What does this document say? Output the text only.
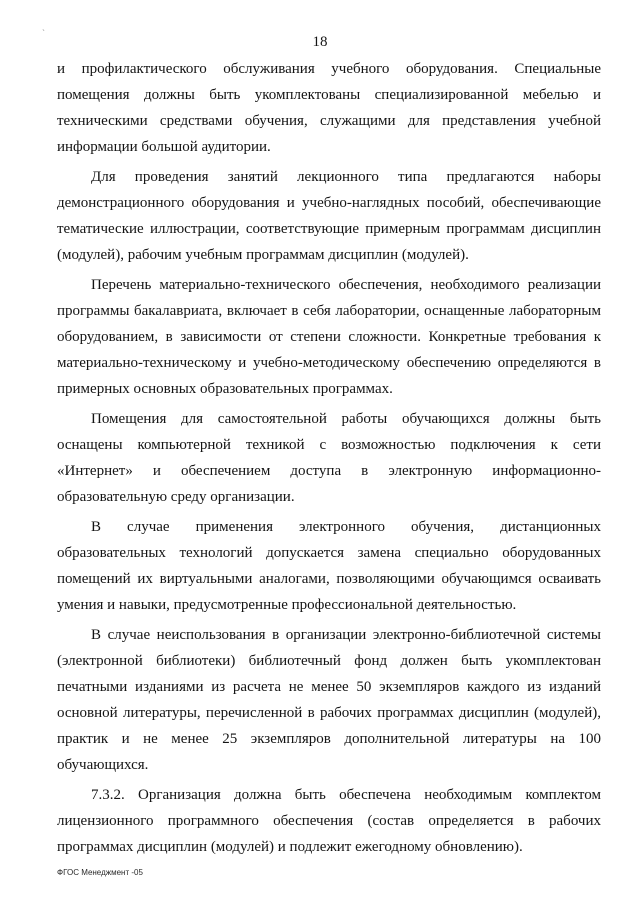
ˋ
18

и профилактического обслуживания учебного оборудования. Специальные помещения должны быть укомплектованы специализированной мебелью и техническими средствами обучения, служащими для представления учебной информации большой аудитории.

Для проведения занятий лекционного типа предлагаются наборы демонстрационного оборудования и учебно-наглядных пособий, обеспечивающие тематические иллюстрации, соответствующие примерным программам дисциплин (модулей), рабочим учебным программам дисциплин (модулей).

Перечень материально-технического обеспечения, необходимого реализации программы бакалавриата, включает в себя лаборатории, оснащенные лабораторным оборудованием, в зависимости от степени сложности. Конкретные требования к материально-техническому и учебно-методическому обеспечению определяются в примерных основных образовательных программах.

Помещения для самостоятельной работы обучающихся должны быть оснащены компьютерной техникой с возможностью подключения к сети «Интернет» и обеспечением доступа в электронную информационно-образовательную среду организации.

В случае применения электронного обучения, дистанционных образовательных технологий допускается замена специально оборудованных помещений их виртуальными аналогами, позволяющими обучающимся осваивать умения и навыки, предусмотренные профессиональной деятельностью.

В случае неиспользования в организации электронно-библиотечной системы (электронной библиотеки) библиотечный фонд должен быть укомплектован печатными изданиями из расчета не менее 50 экземпляров каждого из изданий основной литературы, перечисленной в рабочих программах дисциплин (модулей), практик и не менее 25 экземпляров дополнительной литературы на 100 обучающихся.

7.3.2. Организация должна быть обеспечена необходимым комплектом лицензионного программного обеспечения (состав определяется в рабочих программах дисциплин (модулей) и подлежит ежегодному обновлению).

ФГОС Менеджмент -05
